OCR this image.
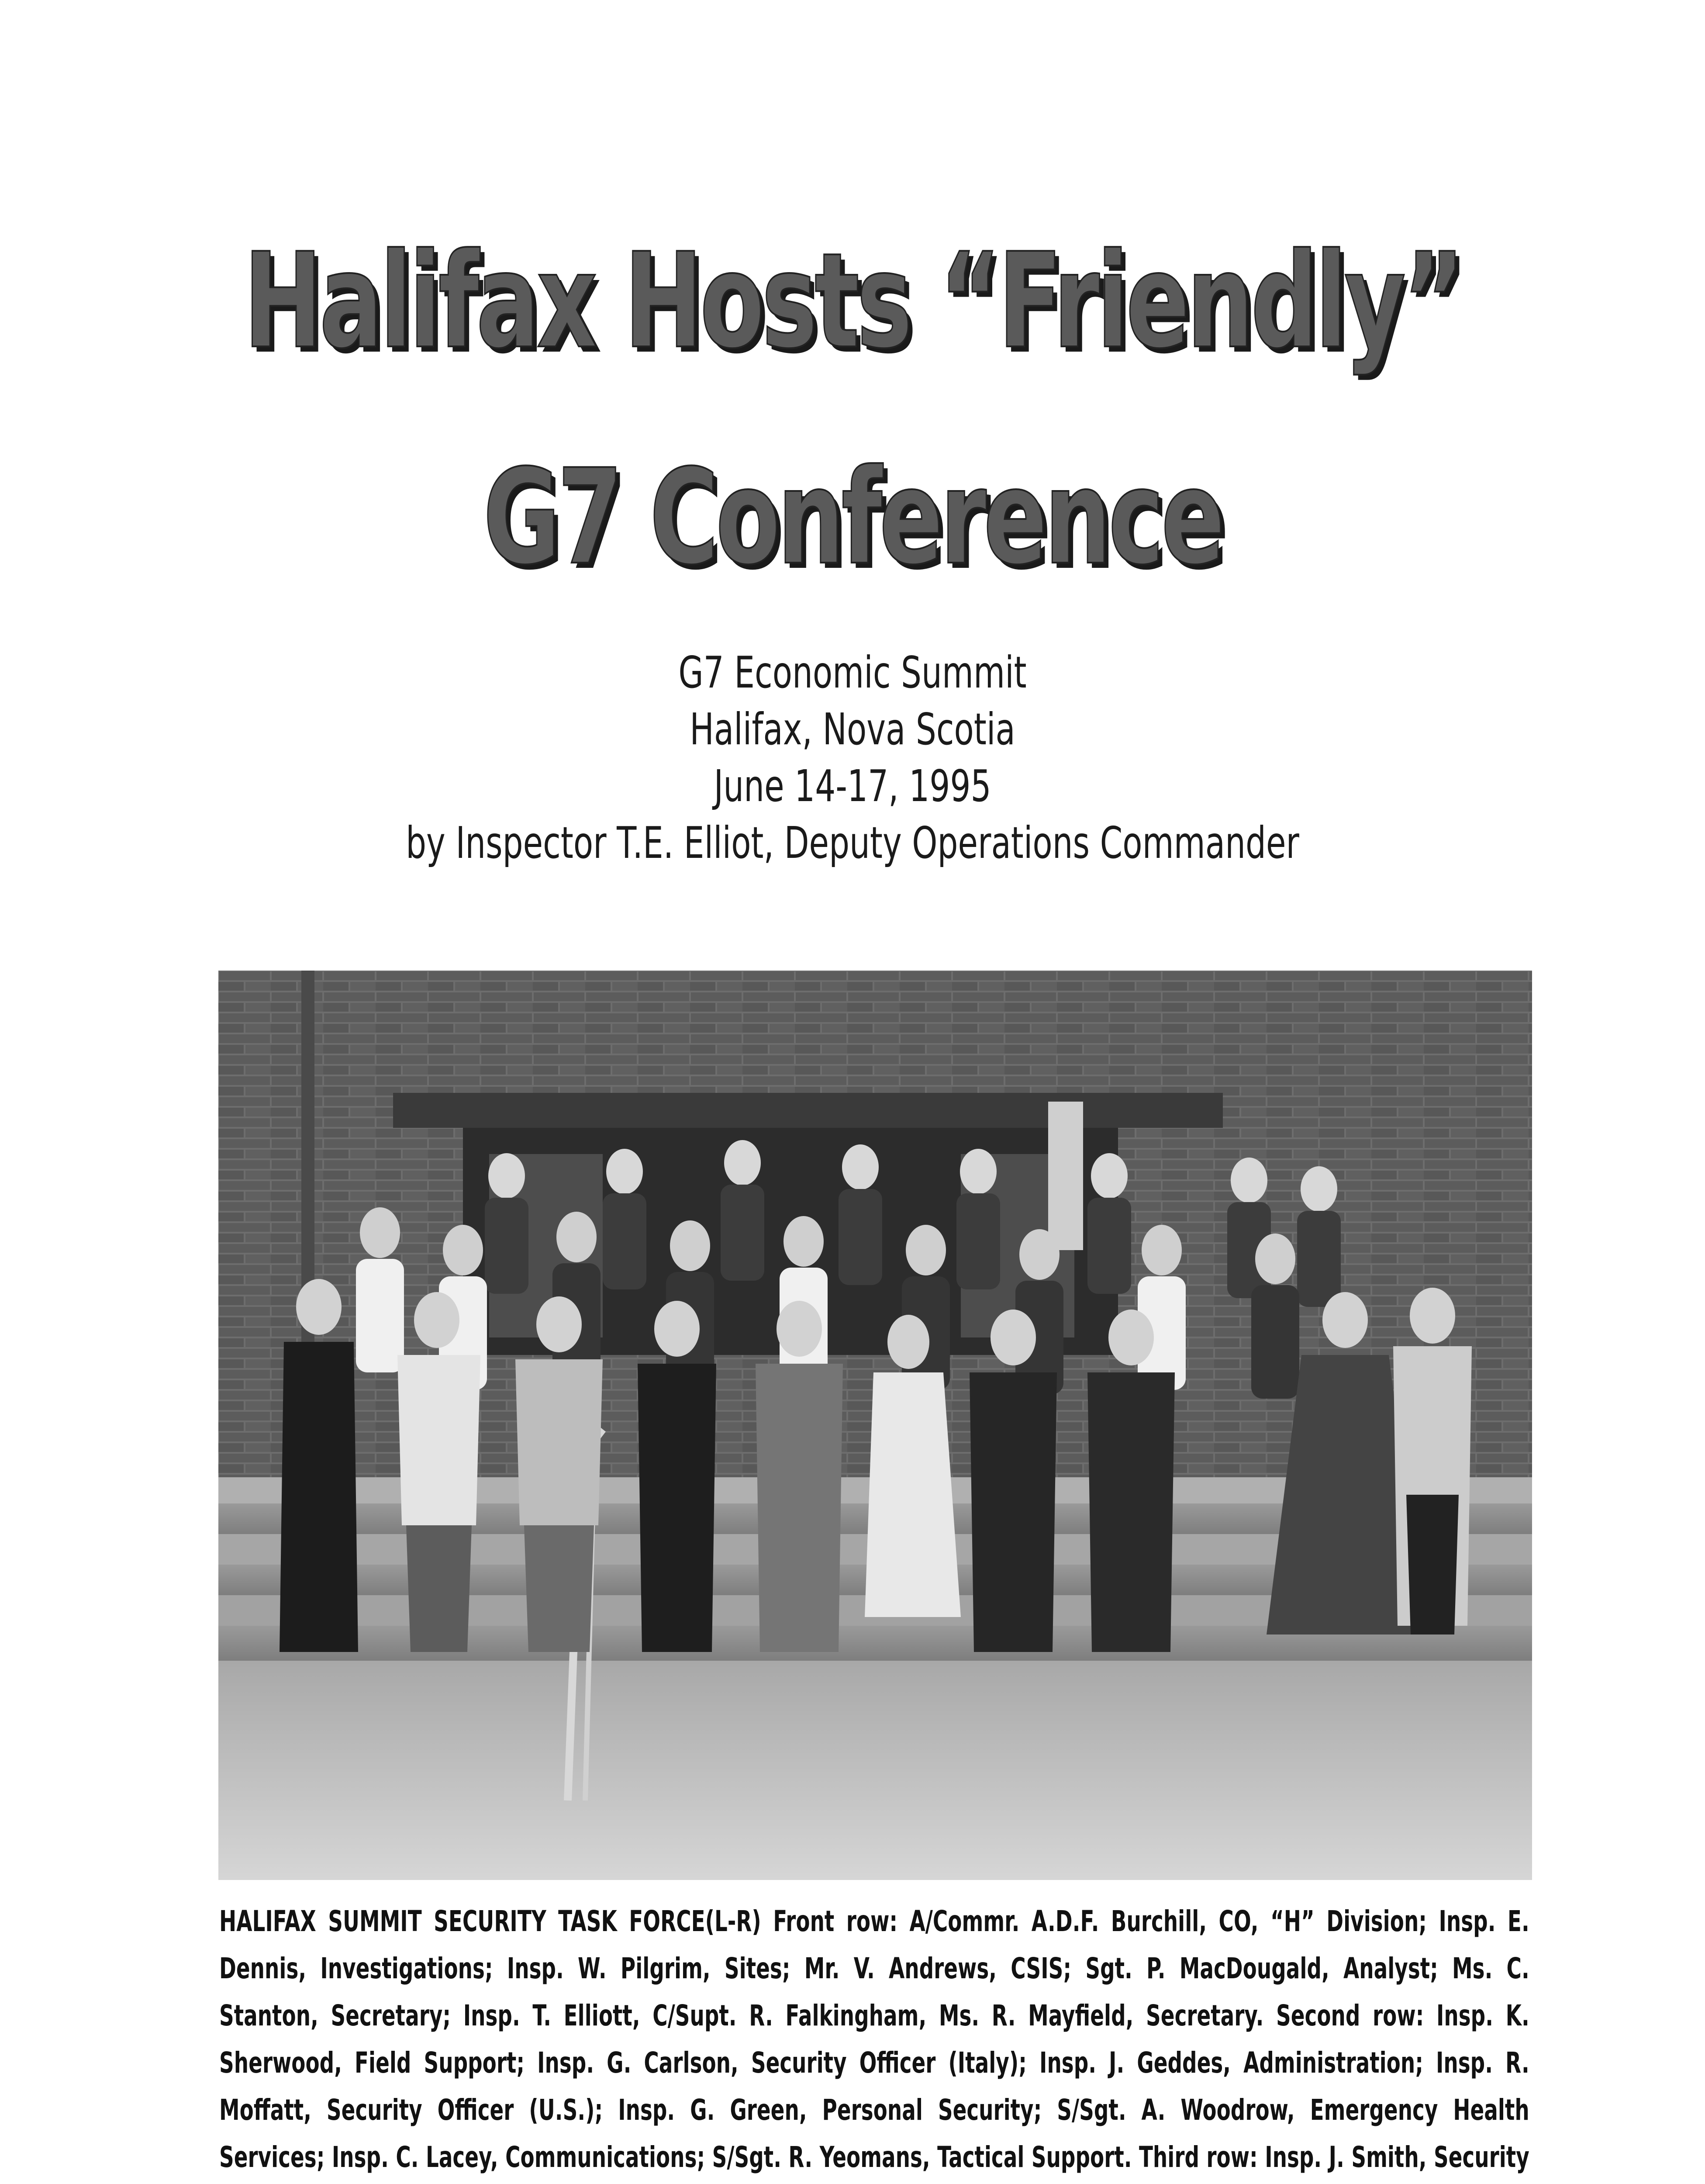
Halifax Hosts “Friendly”
G7 Conference
G7 Economic Summit
Halifax, Nova Scotia
June 14-17, 1995
by Inspector T.E. Elliot, Deputy Operations Commander
HALIFAX SUMMIT SECURITY TASK FORCE(L-R) Front row: A/Commr. A.D.F. Burchill, CO, “H” Division; Insp. E. Dennis, Investigations; Insp. W. Pilgrim, Sites; Mr. V. Andrews, CSIS; Sgt. P. MacDougald, Analyst; Ms. C. Stanton, Secretary; Insp. T. Elliott, C/Supt. R. Falkingham, Ms. R. Mayfield, Secretary. Second row: Insp. K. Sherwood, Field Support; Insp. G. Carlson, Security Officer (Italy); Insp. J. Geddes, Administration; Insp. R. Moffatt, Security Officer (U.S.); Insp. G. Green, Personal Security; S/Sgt. A. Woodrow, Emergency Health Services; Insp. C. Lacey, Communications; S/Sgt. R. Yeomans, Tactical Support. Third row: Insp. J. Smith, Security
